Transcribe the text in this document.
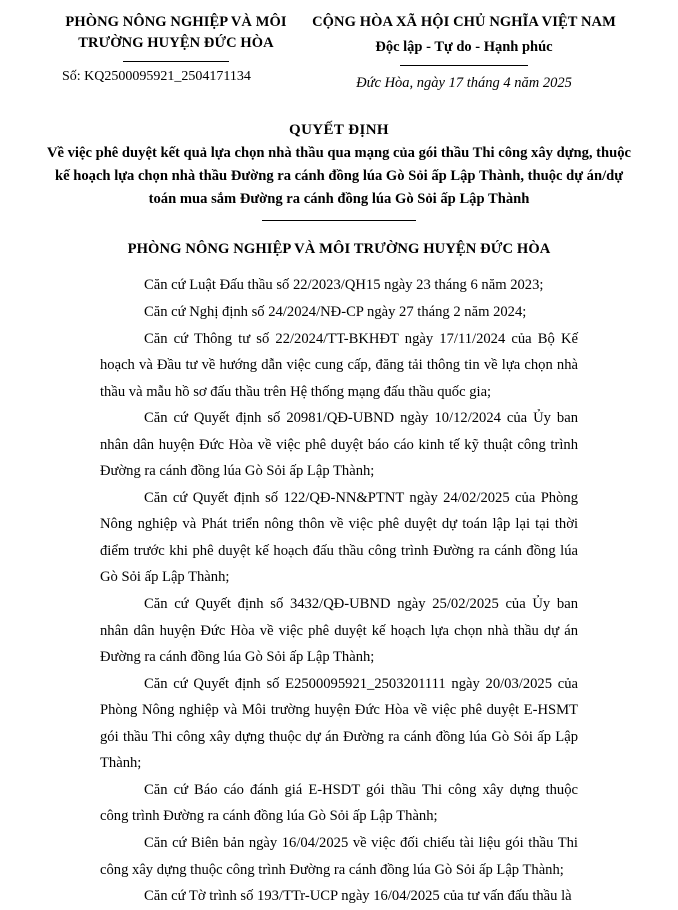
PHÒNG NÔNG NGHIỆP VÀ MÔI TRƯỜNG HUYỆN ĐỨC HÒA
Số: KQ2500095921_2504171134
CỘNG HÒA XÃ HỘI CHỦ NGHĨA VIỆT NAM
Độc lập - Tự do - Hạnh phúc
Đức Hòa, ngày 17 tháng 4 năm 2025
QUYẾT ĐỊNH
Về việc phê duyệt kết quả lựa chọn nhà thầu qua mạng của gói thầu Thi công xây dựng, thuộc kế hoạch lựa chọn nhà thầu Đường ra cánh đồng lúa Gò Sỏi ấp Lập Thành, thuộc dự án/dự toán mua sắm Đường ra cánh đồng lúa Gò Sỏi ấp Lập Thành
PHÒNG NÔNG NGHIỆP VÀ MÔI TRƯỜNG HUYỆN ĐỨC HÒA

Căn cứ Luật Đấu thầu số 22/2023/QH15 ngày 23 tháng 6 năm 2023;

Căn cứ Nghị định số 24/2024/NĐ-CP ngày 27 tháng 2 năm 2024;

Căn cứ Thông tư số 22/2024/TT-BKHĐT ngày 17/11/2024 của Bộ Kế hoạch và Đầu tư về hướng dẫn việc cung cấp, đăng tải thông tin về lựa chọn nhà thầu và mẫu hồ sơ đấu thầu trên Hệ thống mạng đấu thầu quốc gia;

Căn cứ Quyết định số 20981/QĐ-UBND ngày 10/12/2024 của Ủy ban nhân dân huyện Đức Hòa về việc phê duyệt báo cáo kinh tế kỹ thuật công trình Đường ra cánh đồng lúa Gò Sỏi ấp Lập Thành;

Căn cứ Quyết định số 122/QĐ-NN&PTNT ngày 24/02/2025 của Phòng Nông nghiệp và Phát triển nông thôn về việc phê duyệt dự toán lập lại tại thời điểm trước khi phê duyệt kế hoạch đấu thầu công trình Đường ra cánh đồng lúa Gò Sỏi ấp Lập Thành;

Căn cứ Quyết định số 3432/QĐ-UBND ngày 25/02/2025 của Ủy ban nhân dân huyện Đức Hòa về việc phê duyệt kế hoạch lựa chọn nhà thầu dự án Đường ra cánh đồng lúa Gò Sỏi ấp Lập Thành;

Căn cứ Quyết định số E2500095921_2503201111 ngày 20/03/2025 của Phòng Nông nghiệp và Môi trường huyện Đức Hòa về việc phê duyệt E-HSMT gói thầu Thi công xây dựng thuộc dự án Đường ra cánh đồng lúa Gò Sỏi ấp Lập Thành;

Căn cứ Báo cáo đánh giá E-HSDT gói thầu Thi công xây dựng thuộc công trình Đường ra cánh đồng lúa Gò Sỏi ấp Lập Thành;

Căn cứ Biên bản ngày 16/04/2025 về việc đối chiếu tài liệu gói thầu Thi công xây dựng thuộc công trình Đường ra cánh đồng lúa Gò Sỏi ấp Lập Thành;

Căn cứ Tờ trình số 193/TTr-UCP ngày 16/04/2025 của tư vấn đấu thầu là
